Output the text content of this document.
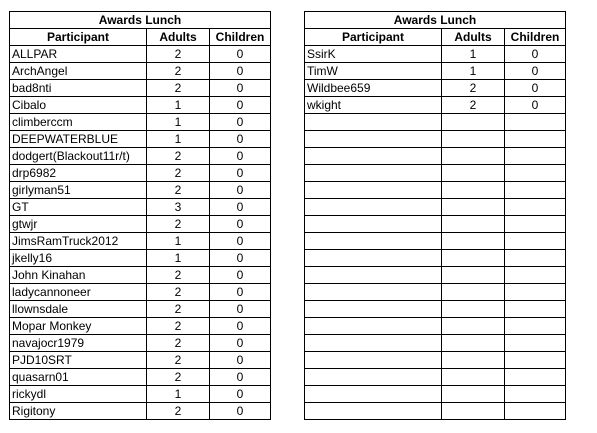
Awards Lunch		
Participant	Adults	Children
ALLPAR	2	0
ArchAngel	2	0
bad8nti	2	0
Cibalo	1	0
climberccm	1	0
DEEPWATERBLUE	1	0
dodgert(Blackout11r/t)	2	0
drp6982	2	0
girlyman51	2	0
GT	3	0
gtwjr	2	0
JimsRamTruck2012	1	0
jkelly16	1	0
John Kinahan	2	0
ladycannoneer	2	0
llownsdale	2	0
Mopar Monkey	2	0
navajocr1979	2	0
PJD10SRT	2	0
quasarn01	2	0
rickydl	1	0
Rigitony	2	0
Awards Lunch		
Participant	Adults	Children
SsirK	1	0
TimW	1	0
Wildbee659	2	0
wkight	2	0
